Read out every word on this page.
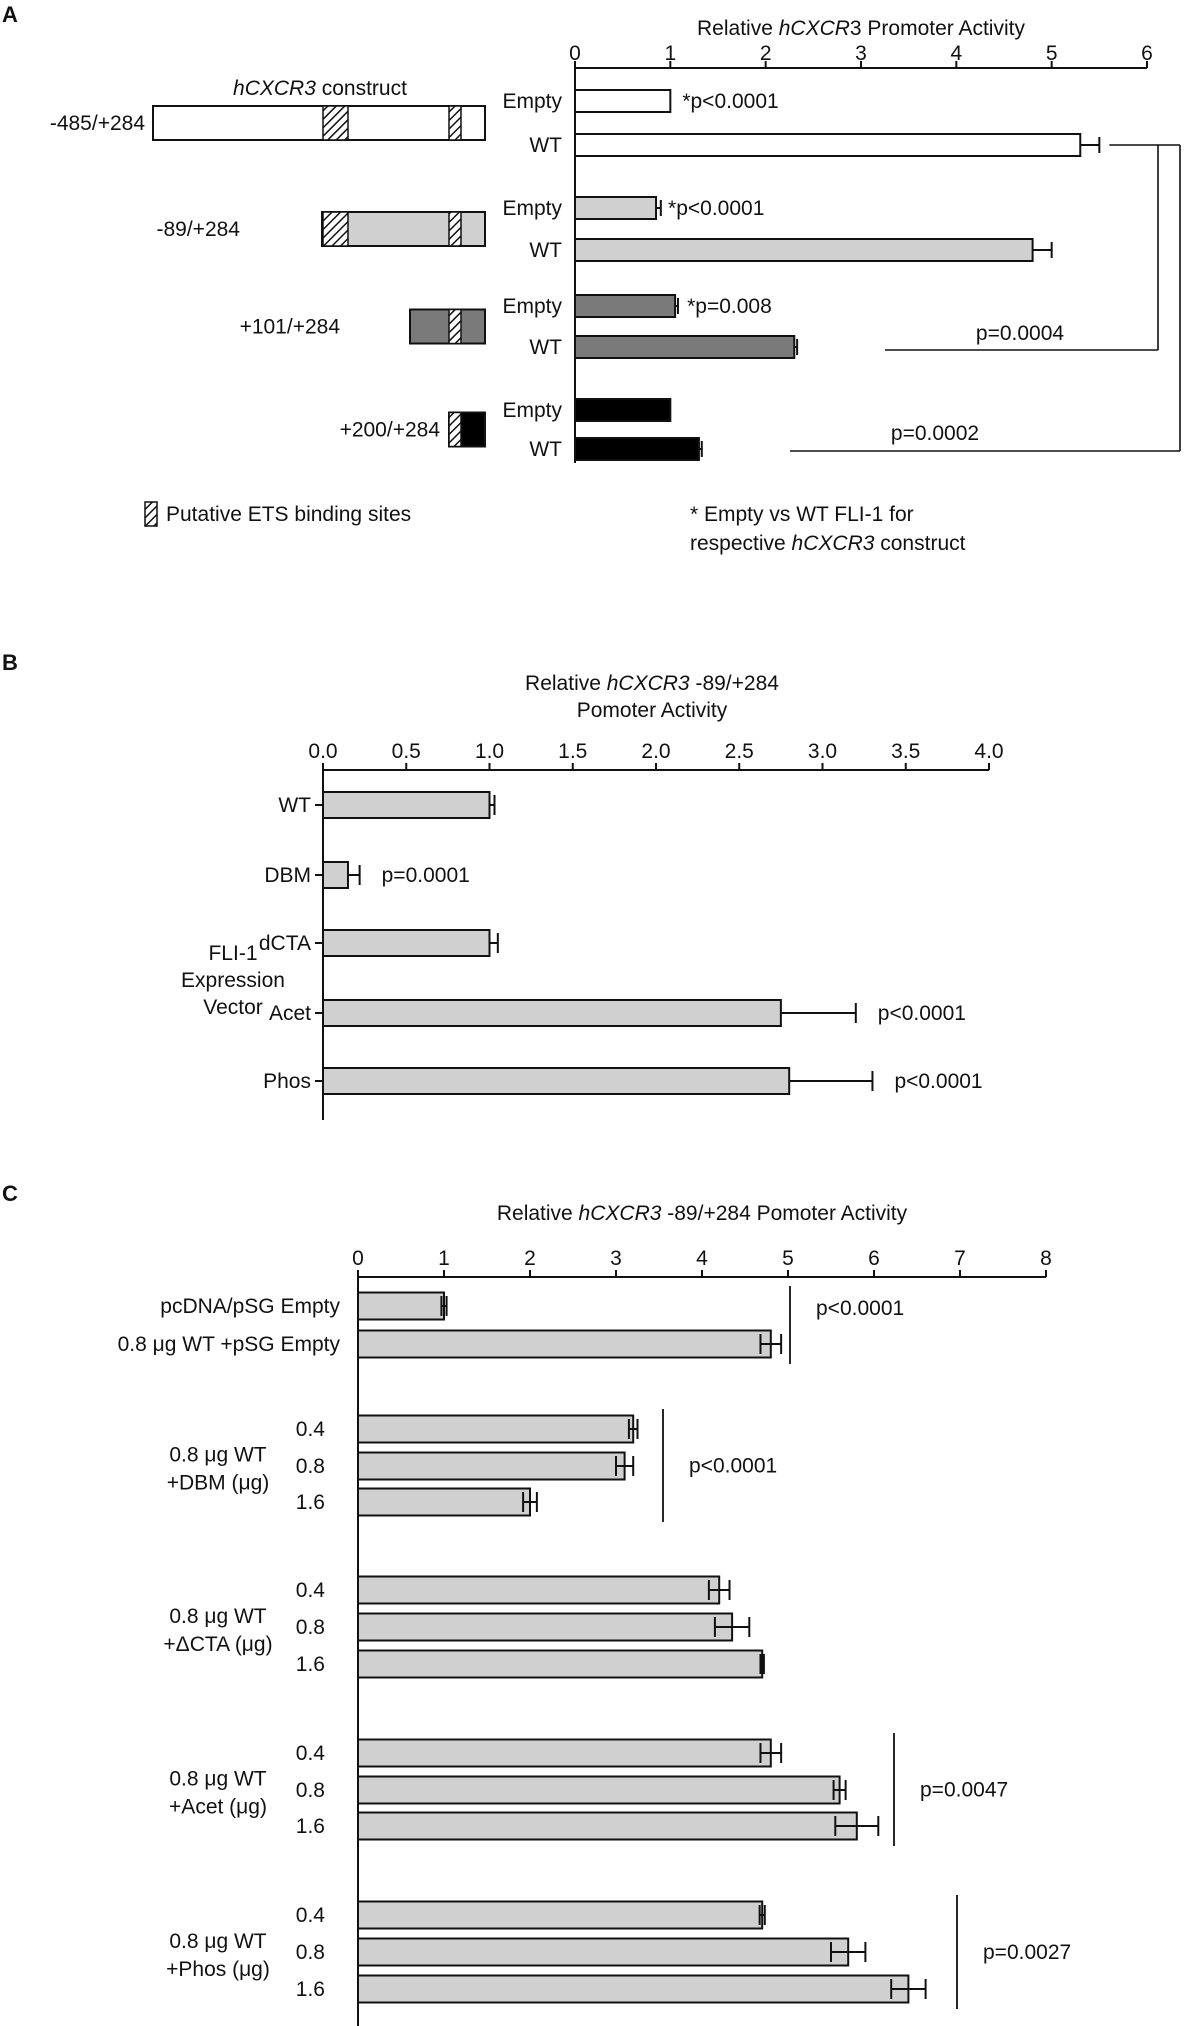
A
Relative hCXCR3 Promoter Activity
0	1	2	3	4	5	6
hCXCR3 construct
-485/+284
Empty	*p<0.0001
WT
-89/+284
Empty	*p<0.0001
WT
+101/+284
Empty	*p=0.008
WT
+200/+284
Empty
WT
p=0.0004
p=0.0002
Putative ETS binding sites	* Empty vs WT FLI-1 for
respective hCXCR3 construct
B
Relative hCXCR3 -89/+284
Pomoter Activity
0.0	0.5	1.0	1.5	2.0	2.5	3.0	3.5	4.0
WT
DBM	p=0.0001
dCTA
Acet	p<0.0001
Phos	p<0.0001
FLI-1
Expression
Vector
C
Relative hCXCR3 -89/+284 Pomoter Activity
0	1	2	3	4	5	6	7	8
pcDNA/pSG Empty
0.8 μg WT +pSG Empty
p<0.0001
0.4
0.8
1.6
0.8 μg WT
+DBM (μg)
p<0.0001
0.4
0.8
1.6
0.8 μg WT
+ΔCTA (μg)
0.4
0.8
1.6
0.8 μg WT
+Acet (μg)
p=0.0047
0.4
0.8
1.6
0.8 μg WT
+Phos (μg)
p=0.0027
